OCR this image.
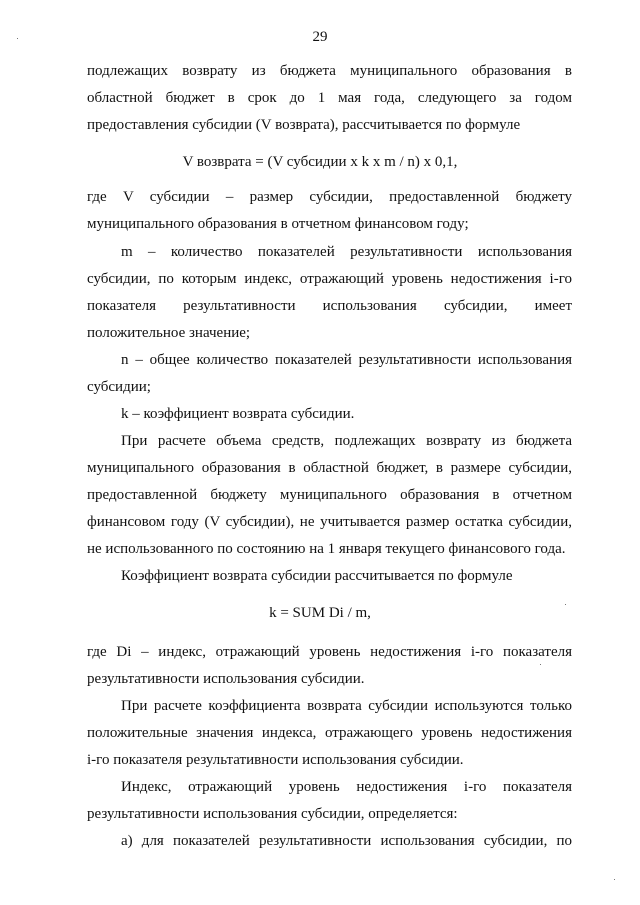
29
подлежащих возврату из бюджета муниципального образования в
областной бюджет в срок до 1 мая года, следующего за годом
предоставления субсидии (V возврата), рассчитывается по формуле
V возврата = (V субсидии x k x m / n) x 0,1,
где V субсидии – размер субсидии, предоставленной бюджету
муниципального образования в отчетном финансовом году;
m – количество показателей результативности использования
субсидии, по которым индекс, отражающий уровень недостижения i-го
показателя результативности использования субсидии, имеет
положительное значение;
n – общее количество показателей результативности использования
субсидии;
k – коэффициент возврата субсидии.
При расчете объема средств, подлежащих возврату из бюджета
муниципального образования в областной бюджет, в размере субсидии,
предоставленной бюджету муниципального образования в отчетном
финансовом году (V субсидии), не учитывается размер остатка субсидии,
не использованного по состоянию на 1 января текущего финансового года.
Коэффициент возврата субсидии рассчитывается по формуле
k = SUM Di / m,
где Di – индекс, отражающий уровень недостижения i-го показателя
результативности использования субсидии.
При расчете коэффициента возврата субсидии используются только
положительные значения индекса, отражающего уровень недостижения
i-го показателя результативности использования субсидии.
Индекс, отражающий уровень недостижения i-го показателя
результативности использования субсидии, определяется:
а) для показателей результативности использования субсидии, по
